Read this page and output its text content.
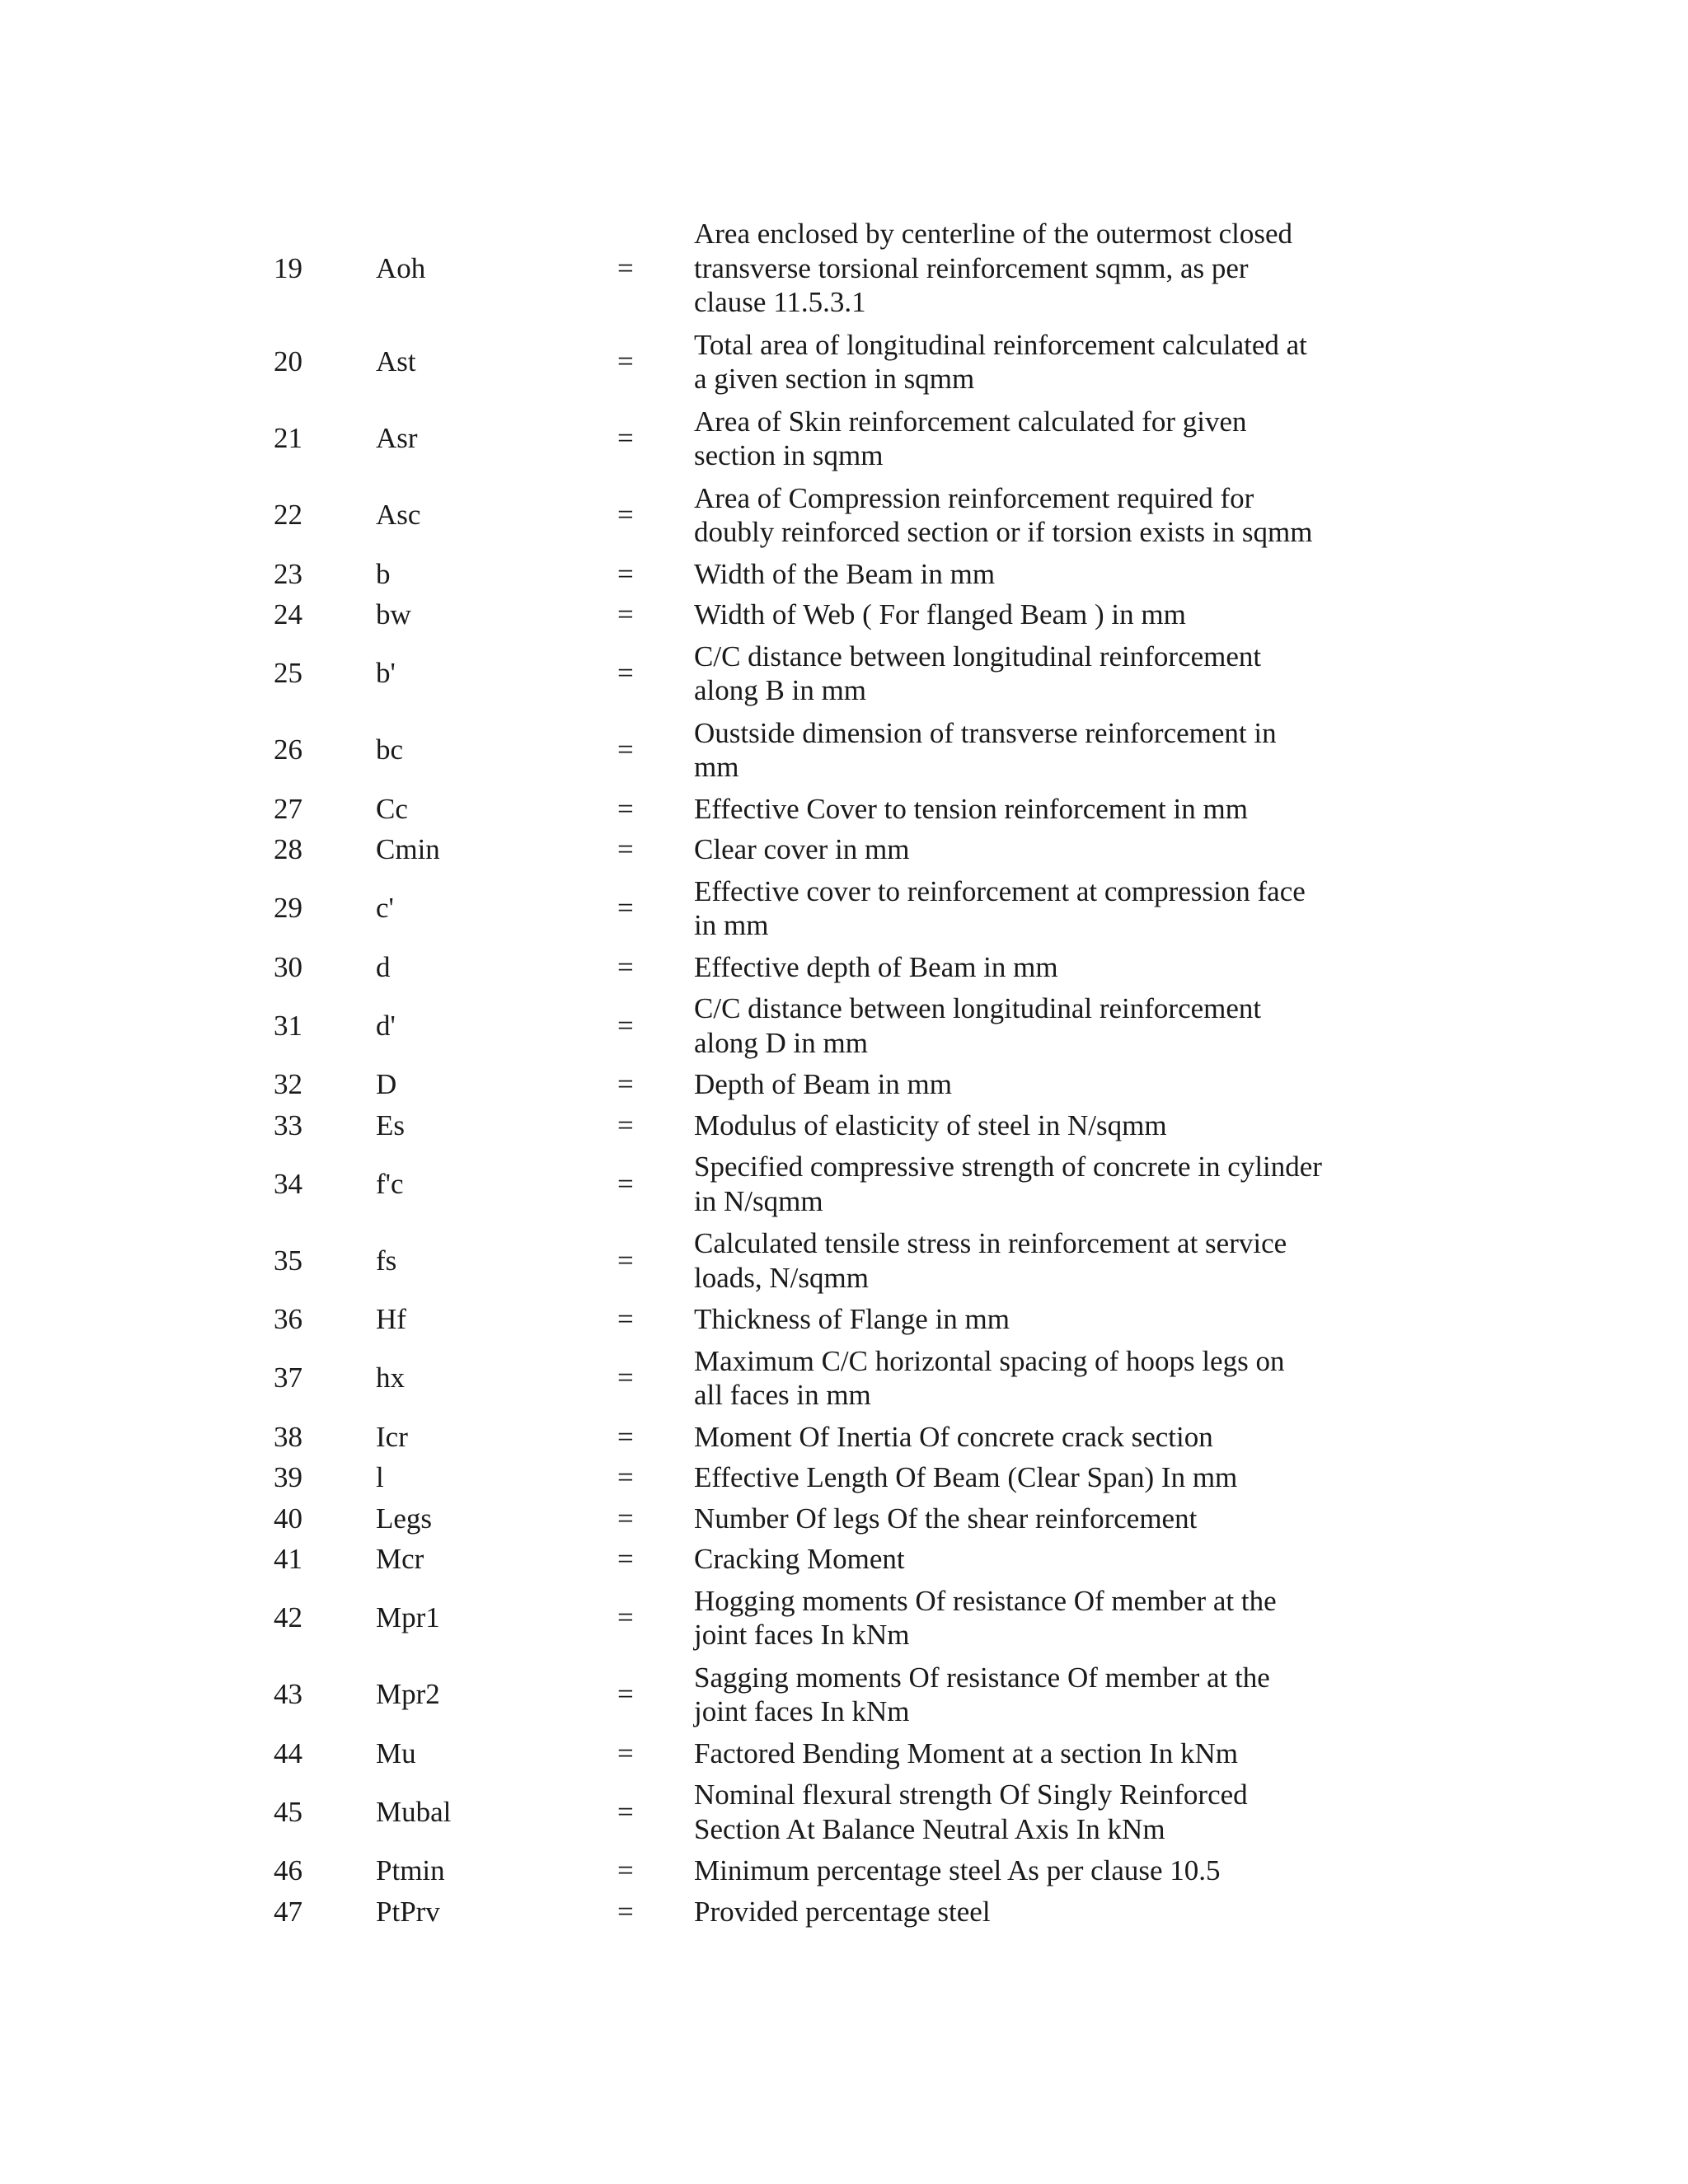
19	Aoh	=
Area enclosed by centerline of the outermost closed
transverse torsional reinforcement sqmm, as per
clause 11.5.3.1
20	Ast	=
Total area of longitudinal reinforcement calculated at
a given section in sqmm
21	Asr	=
Area of Skin reinforcement calculated for given
section in sqmm
22	Asc	=
Area of Compression reinforcement required for
doubly reinforced section or if torsion exists in sqmm
23	b	=	Width of the Beam in mm
24	bw	=	Width of Web ( For flanged Beam ) in mm
25	b'	=
C/C distance between longitudinal reinforcement
along B in mm
26	bc	=
Oustside dimension of transverse reinforcement in
mm
27	Cc	=	Effective Cover to tension reinforcement in mm
28	Cmin	=	Clear cover in mm
29	c'	=
Effective cover to reinforcement at compression face
in mm
30	d	=	Effective depth of Beam in mm
31	d'	=
C/C distance between longitudinal reinforcement
along D in mm
32	D	=	Depth of Beam in mm
33	Es	=	Modulus of elasticity of steel in N/sqmm
34	f'c	=
Specified compressive strength of concrete in cylinder
in N/sqmm
35	fs	=
Calculated tensile stress in reinforcement at service
loads, N/sqmm
36	Hf	=	Thickness of Flange in mm
37	hx	=
Maximum C/C horizontal spacing of hoops legs on
all faces in mm
38	Icr	=	Moment Of Inertia Of concrete crack section
39	l	=	Effective Length Of Beam (Clear Span) In mm
40	Legs	=	Number Of legs Of the shear reinforcement
41	Mcr	=	Cracking Moment
42	Mpr1	=
Hogging moments Of resistance Of member at the
joint faces In kNm
43	Mpr2	=
Sagging moments Of resistance Of member at the
joint faces In kNm
44	Mu	=	Factored Bending Moment at a section In kNm
45	Mubal	=
Nominal flexural strength Of Singly Reinforced
Section At Balance Neutral Axis In kNm
46	Ptmin	=	Minimum percentage steel As per clause 10.5
47	PtPrv	=	Provided percentage steel
